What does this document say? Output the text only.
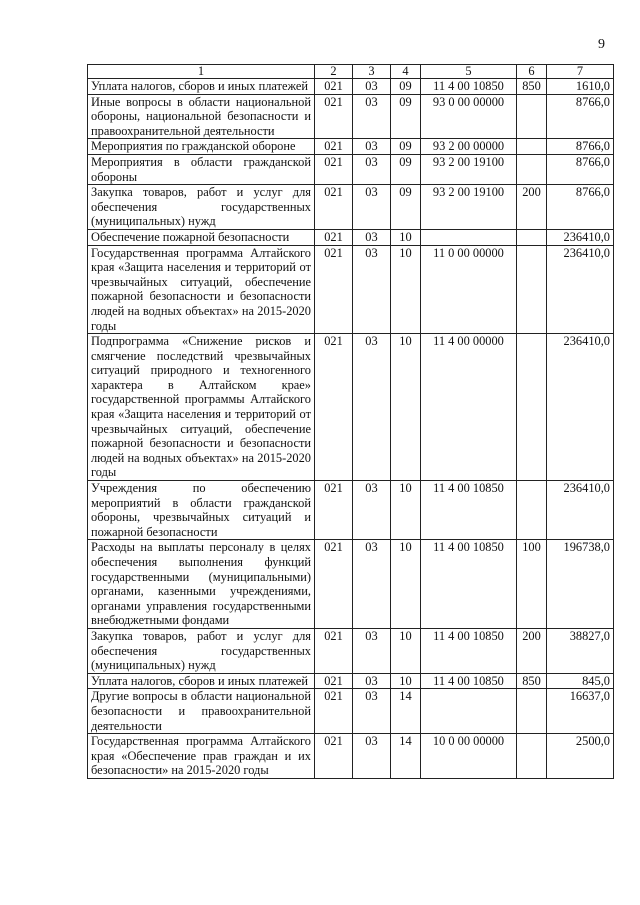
9
1	2	3	4	5	6	7
Уплата налогов, сборов и иных платежей	021	03	09	11 4 00 10850	850	1610,0
Иные вопросы в области национальной обороны, национальной безопасности и правоохранительной деятельности	021	03	09	93 0 00 00000		8766,0
Мероприятия по гражданской обороне	021	03	09	93 2 00 00000		8766,0
Мероприятия в области гражданской обороны	021	03	09	93 2 00 19100		8766,0
Закупка товаров, работ и услуг для обеспечения государственных (муниципальных) нужд	021	03	09	93 2 00 19100	200	8766,0
Обеспечение пожарной безопасности	021	03	10			236410,0
Государственная программа Алтайского края «Защита населения и территорий от чрезвычайных ситуаций, обеспечение пожарной безопасности и безопасности людей на водных объектах» на 2015-2020 годы	021	03	10	11 0 00 00000		236410,0
Подпрограмма «Снижение рисков и смягчение последствий чрезвычайных ситуаций природного и техногенного характера в Алтайском крае» государственной программы Алтайского края «Защита населения и территорий от чрезвычайных ситуаций, обеспечение пожарной безопасности и безопасности людей на водных объектах» на 2015-2020 годы	021	03	10	11 4 00 00000		236410,0
Учреждения по обеспечению мероприятий в области гражданской обороны, чрезвычайных ситуаций и пожарной безопасности	021	03	10	11 4 00 10850		236410,0
Расходы на выплаты персоналу в целях обеспечения выполнения функций государственными (муниципальными) органами, казенными учреждениями, органами управления государственными внебюджетными фондами	021	03	10	11 4 00 10850	100	196738,0
Закупка товаров, работ и услуг для обеспечения государственных (муниципальных) нужд	021	03	10	11 4 00 10850	200	38827,0
Уплата налогов, сборов и иных платежей	021	03	10	11 4 00 10850	850	845,0
Другие вопросы в области национальной безопасности и правоохранительной деятельности	021	03	14			16637,0
Государственная программа Алтайского края «Обеспечение прав граждан и их безопасности» на 2015-2020 годы	021	03	14	10 0 00 00000		2500,0
